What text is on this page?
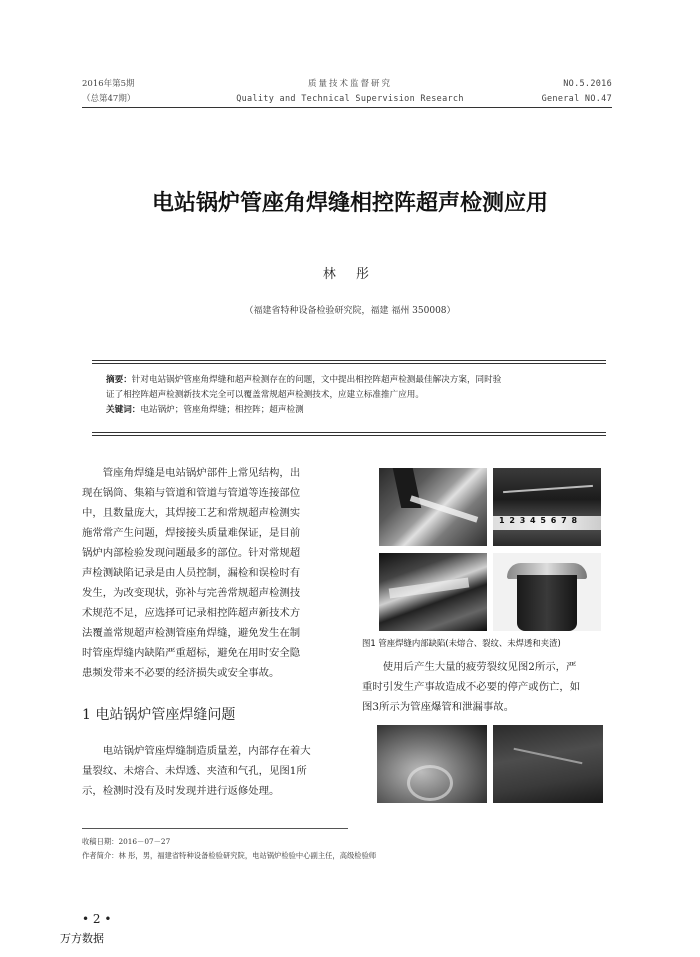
2016年第5期
（总第47期）
质量技术监督研究
Quality and Technical Supervision Research
NO.5.2016
General NO.47
电站锅炉管座角焊缝相控阵超声检测应用
林 彤
（福建省特种设备检验研究院，福建 福州 350008）
摘要：针对电站锅炉管座角焊缝和超声检测存在的问题，文中提出相控阵超声检测最佳解决方案，同时验
证了相控阵超声检测新技术完全可以覆盖常规超声检测技术，应建立标准推广应用。
关键词：电站锅炉；管座角焊缝；相控阵；超声检测
管座角焊缝是电站锅炉部件上常见结构，出
现在锅筒、集箱与管道和管道与管道等连接部位
中，且数量庞大，其焊接工艺和常规超声检测实
施常常产生问题，焊接接头质量难保证，是目前
锅炉内部检验发现问题最多的部位。针对常规超
声检测缺陷记录是由人员控制，漏检和误检时有
发生，为改变现状，弥补与完善常规超声检测技
术规范不足，应选择可记录相控阵超声新技术方
法覆盖常规超声检测管座角焊缝，避免发生在制
时管座焊缝内缺陷严重超标，避免在用时安全隐
患频发带来不必要的经济损失或安全事故。
1 电站锅炉管座焊缝问题
电站锅炉管座焊缝制造质量差，内部存在着大
量裂纹、未熔合、未焊透、夹渣和气孔，见图1所
示，检测时没有及时发现并进行返修处理。
1 2 3 4 5 6 7 8
图1 管座焊缝内部缺陷(未熔合、裂纹、未焊透和夹渣)
使用后产生大量的疲劳裂纹见图2所示，严
重时引发生产事故造成不必要的停产或伤亡，如
图3所示为管座爆管和泄漏事故。
收稿日期：2016－07－27
作者简介：林 彤，男，福建省特种设备检验研究院，电站锅炉检验中心副主任，高级检验师
• 2 •
万方数据
